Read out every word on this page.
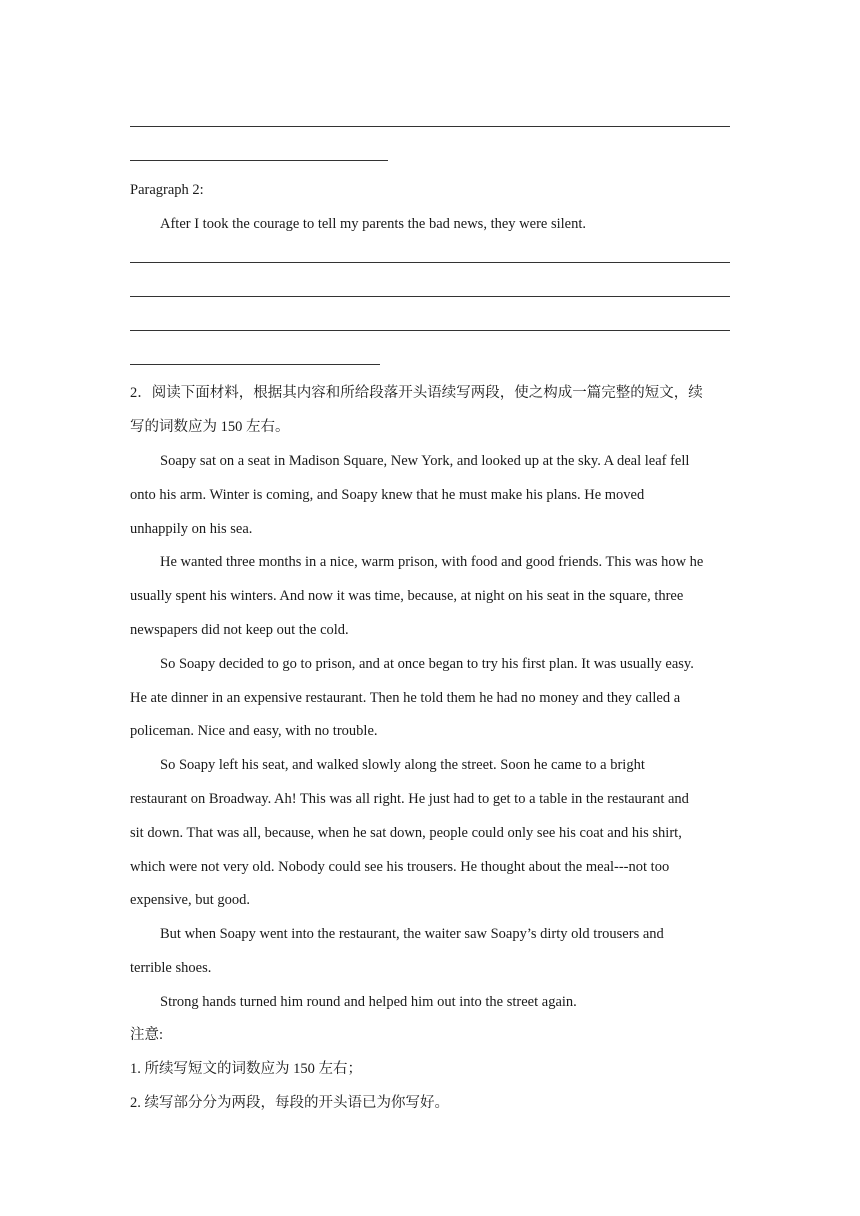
Paragraph 2:
After I took the courage to tell my parents the bad news, they were silent.
2．阅读下面材料，根据其内容和所给段落开头语续写两段，使之构成一篇完整的短文，续
写的词数应为 150 左右。
Soapy sat on a seat in Madison Square, New York, and looked up at the sky. A deal leaf fell
onto his arm. Winter is coming, and Soapy knew that he must make his plans. He moved
unhappily on his sea.
He wanted three months in a nice, warm prison, with food and good friends. This was how he
usually spent his winters. And now it was time, because, at night on his seat in the square, three
newspapers did not keep out the cold.
So Soapy decided to go to prison, and at once began to try his first plan. It was usually easy.
He ate dinner in an expensive restaurant. Then he told them he had no money and they called a
policeman. Nice and easy, with no trouble.
So Soapy left his seat, and walked slowly along the street. Soon he came to a bright
restaurant on Broadway. Ah! This was all right. He just had to get to a table in the restaurant and
sit down. That was all, because, when he sat down, people could only see his coat and his shirt,
which were not very old. Nobody could see his trousers. He thought about the meal---not too
expensive, but good.
But when Soapy went into the restaurant, the waiter saw Soapy’s dirty old trousers and
terrible shoes.
Strong hands turned him round and helped him out into the street again.
注意:
1. 所续写短文的词数应为 150 左右；
2. 续写部分分为两段，每段的开头语已为你写好。
